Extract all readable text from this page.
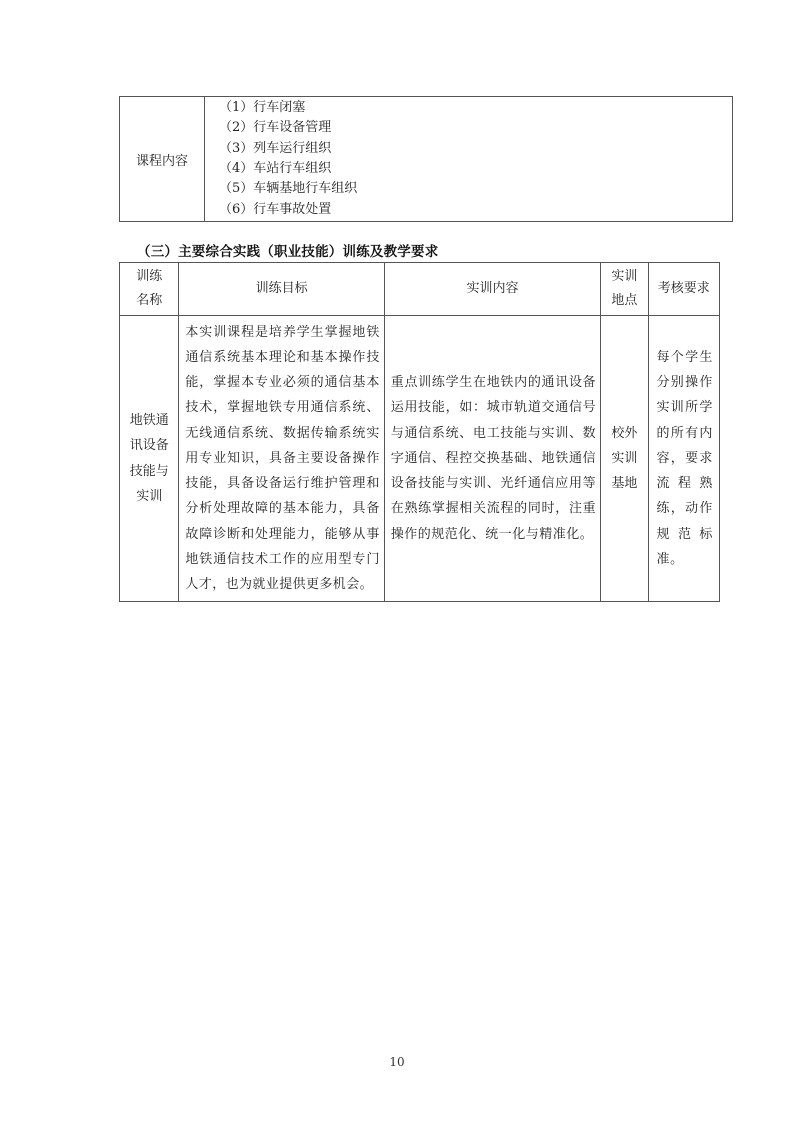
课程内容	
（1）行车闭塞
（2）行车设备管理
（3）列车运行组织
（4）车站行车组织
（5）车辆基地行车组织
（6）行车事故处置
（三）主要综合实践（职业技能）训练及教学要求
训练
名称	训练目标	实训内容	实训
地点	考核要求

地铁通
讯设备
技能与
实训	本实训课程是培养学生掌握地铁通信系统基本理论和基本操作技能，掌握本专业必须的通信基本技术，掌握地铁专用通信系统、无线通信系统、数据传输系统实用专业知识，具备主要设备操作技能，具备设备运行维护管理和分析处理故障的基本能力，具备故障诊断和处理能力，能够从事地铁通信技术工作的应用型专门人才，也为就业提供更多机会。	重点训练学生在地铁内的通讯设备运用技能，如：城市轨道交通信号与通信系统、电工技能与实训、数字通信、程控交换基础、地铁通信设备技能与实训、光纤通信应用等在熟练掌握相关流程的同时，注重操作的规范化、统一化与精准化。	校外
实训
基地	每个学生分别操作实训所学的所有内容，要求流程熟练，动作规范标准。
10
